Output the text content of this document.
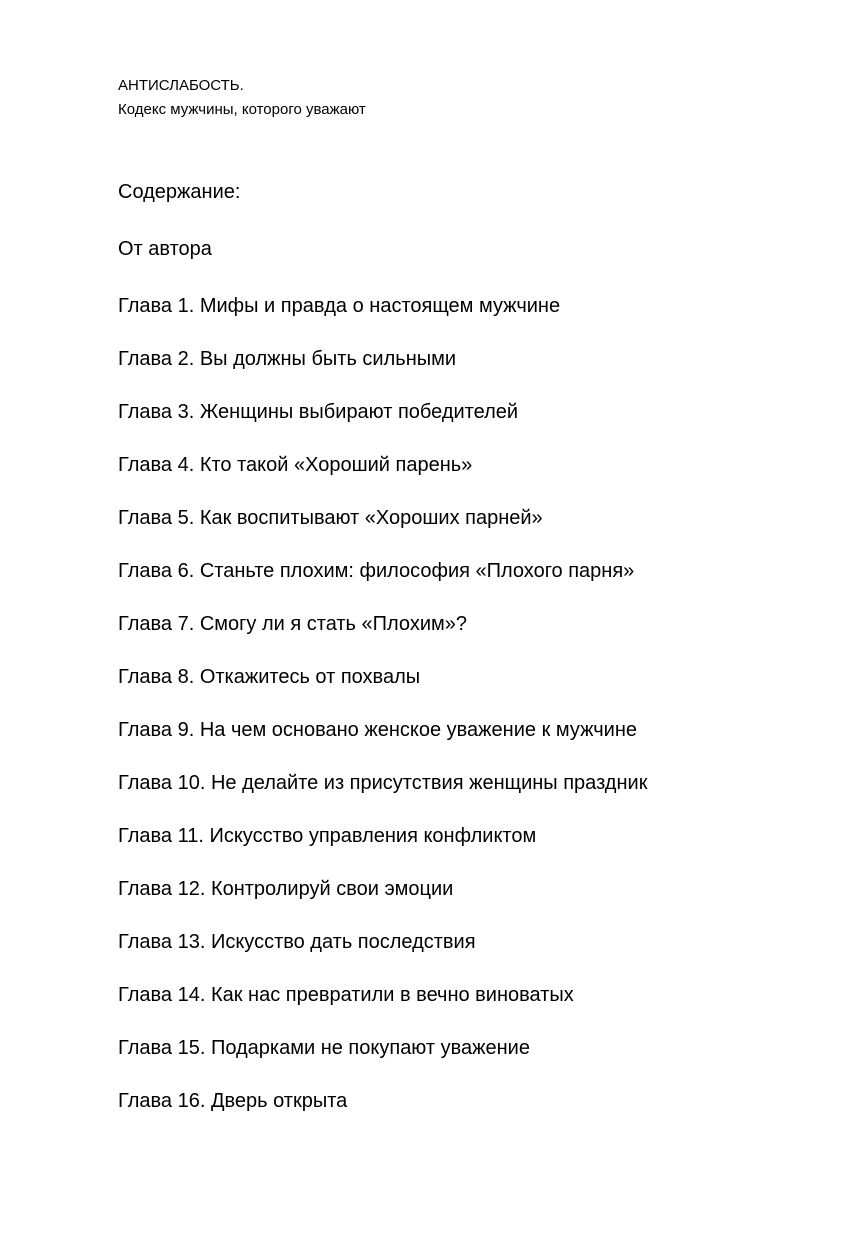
АНТИСЛАБОСТЬ.
Кодекс мужчины, которого уважают
Содержание:
От автора
Глава 1. Мифы и правда о настоящем мужчине
Глава 2. Вы должны быть сильными
Глава 3. Женщины выбирают победителей
Глава 4. Кто такой «Хороший парень»
Глава 5. Как воспитывают «Хороших парней»
Глава 6. Станьте плохим: философия «Плохого парня»
Глава 7. Смогу ли я стать «Плохим»?
Глава 8. Откажитесь от похвалы
Глава 9. На чем основано женское уважение к мужчине
Глава 10. Не делайте из присутствия женщины праздник
Глава 11. Искусство управления конфликтом
Глава 12. Контролируй свои эмоции
Глава 13. Искусство дать последствия
Глава 14. Как нас превратили в вечно виноватых
Глава 15. Подарками не покупают уважение
Глава 16. Дверь открыта
